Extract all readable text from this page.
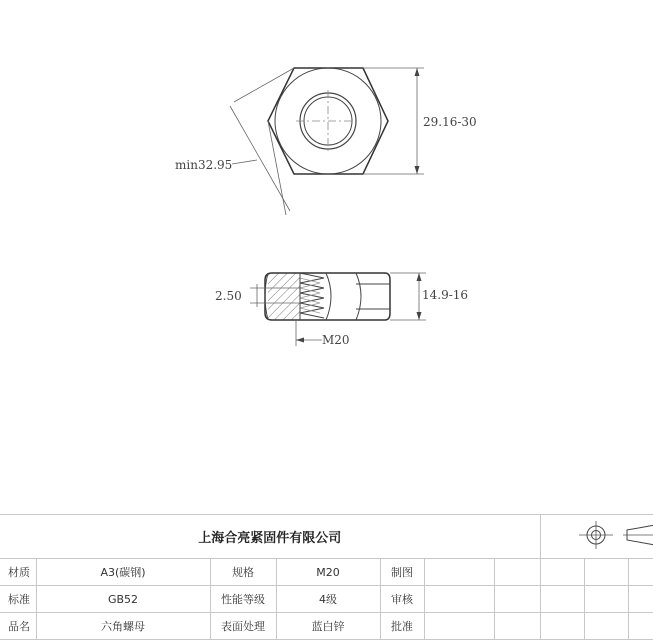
29.16-30
min32.95
14.9-16
2.50
M20
上海合亮紧固件有限公司	
材质	A3(碳钢)	规格	M20	制图					
标准	GB52	性能等级	4级	审核					
品名	六角螺母	表面处理	蓝白锌	批准					
